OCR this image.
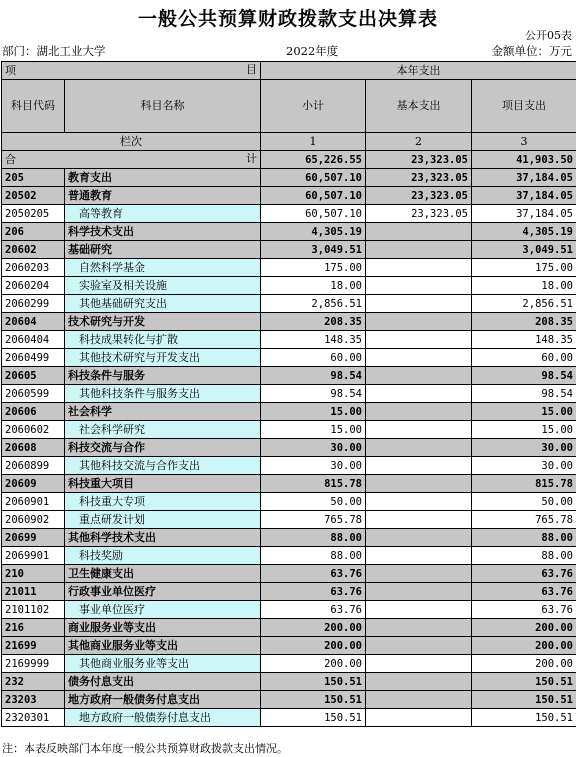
一般公共预算财政拨款支出决算表
公开05表
部门：湖北工业大学	2022年度	金额单位：万元
项 目		本年支出		
科目代码	科目名称	小计	基本支出	项目支出
栏次		1	2	3
合 计		65,226.55	23,323.05	41,903.50
205	教育支出	60,507.10	23,323.05	37,184.05
20502	普通教育	60,507.10	23,323.05	37,184.05
2050205	高等教育	60,507.10	23,323.05	37,184.05
206	科学技术支出	4,305.19		4,305.19
20602	基础研究	3,049.51		3,049.51
2060203	自然科学基金	175.00		175.00
2060204	实验室及相关设施	18.00		18.00
2060299	其他基础研究支出	2,856.51		2,856.51
20604	技术研究与开发	208.35		208.35
2060404	科技成果转化与扩散	148.35		148.35
2060499	其他技术研究与开发支出	60.00		60.00
20605	科技条件与服务	98.54		98.54
2060599	其他科技条件与服务支出	98.54		98.54
20606	社会科学	15.00		15.00
2060602	社会科学研究	15.00		15.00
20608	科技交流与合作	30.00		30.00
2060899	其他科技交流与合作支出	30.00		30.00
20609	科技重大项目	815.78		815.78
2060901	科技重大专项	50.00		50.00
2060902	重点研发计划	765.78		765.78
20699	其他科学技术支出	88.00		88.00
2069901	科技奖励	88.00		88.00
210	卫生健康支出	63.76		63.76
21011	行政事业单位医疗	63.76		63.76
2101102	事业单位医疗	63.76		63.76
216	商业服务业等支出	200.00		200.00
21699	其他商业服务业等支出	200.00		200.00
2169999	其他商业服务业等支出	200.00		200.00
232	债务付息支出	150.51		150.51
23203	地方政府一般债务付息支出	150.51		150.51
2320301	地方政府一般债券付息支出	150.51		150.51
注：本表反映部门本年度一般公共预算财政拨款支出情况。
